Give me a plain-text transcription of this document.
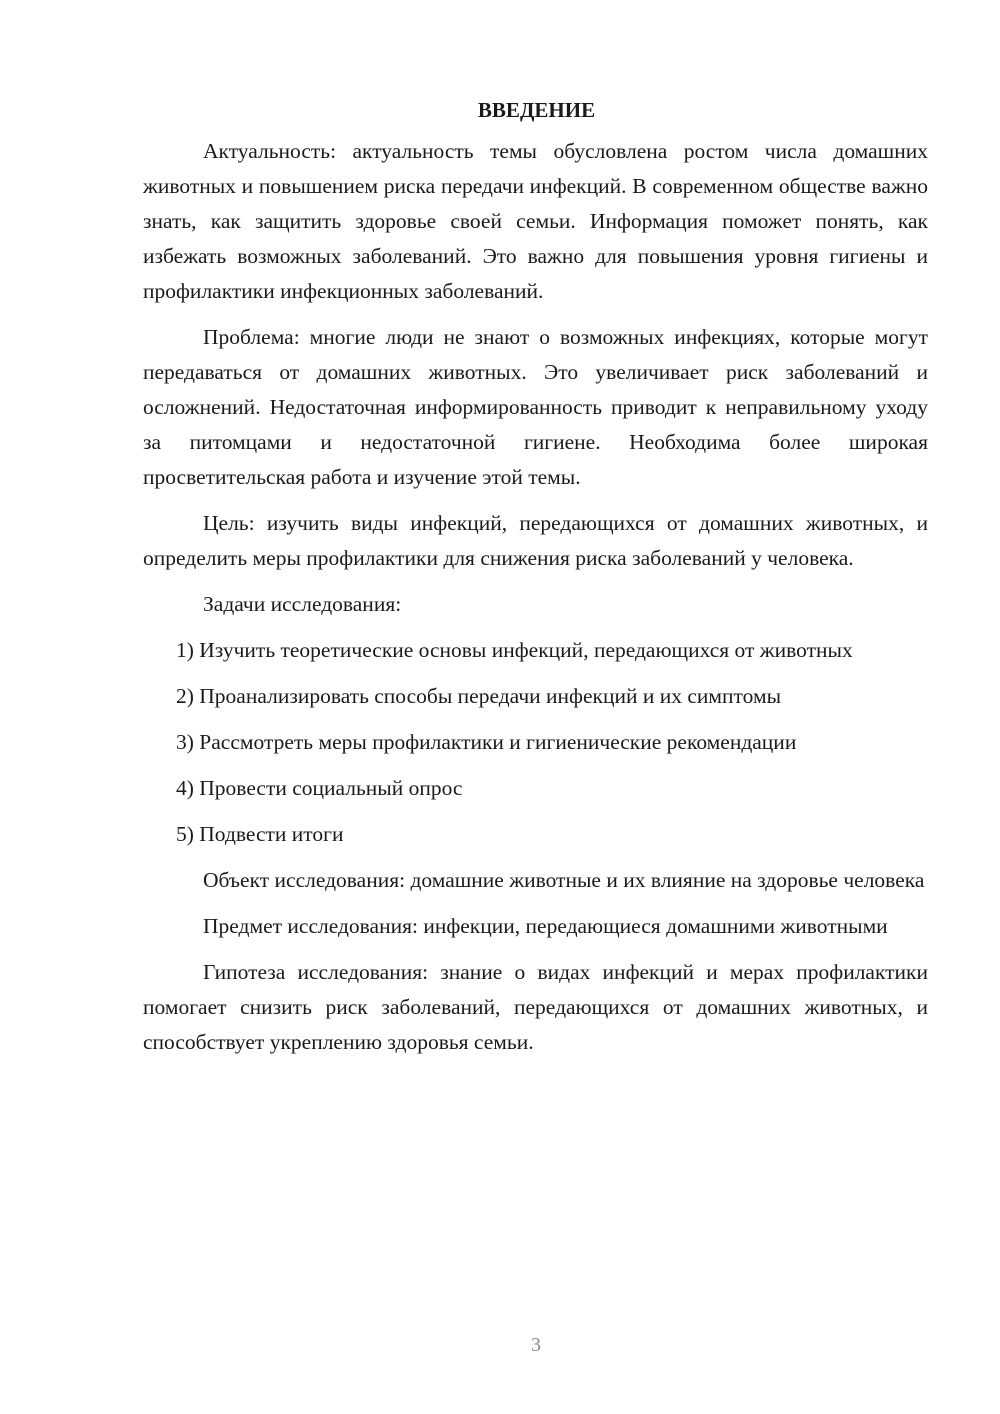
ВВЕДЕНИЕ

Актуальность: актуальность темы обусловлена ростом числа домашних животных и повышением риска передачи инфекций. В современном обществе важно знать, как защитить здоровье своей семьи. Информация поможет понять, как избежать возможных заболеваний. Это важно для повышения уровня гигиены и профилактики инфекционных заболеваний.

Проблема: многие люди не знают о возможных инфекциях, которые могут передаваться от домашних животных. Это увеличивает риск заболеваний и осложнений. Недостаточная информированность приводит к неправильному уходу за питомцами и недостаточной гигиене. Необходима более широкая просветительская работа и изучение этой темы.

Цель: изучить виды инфекций, передающихся от домашних животных, и определить меры профилактики для снижения риска заболеваний у человека.

Задачи исследования:

1) Изучить теоретические основы инфекций, передающихся от животных

2) Проанализировать способы передачи инфекций и их симптомы

3) Рассмотреть меры профилактики и гигиенические рекомендации

4) Провести социальный опрос

5) Подвести итоги

Объект исследования: домашние животные и их влияние на здоровье человека

Предмет исследования: инфекции, передающиеся домашними животными

Гипотеза исследования: знание о видах инфекций и мерах профилактики помогает снизить риск заболеваний, передающихся от домашних животных, и способствует укреплению здоровья семьи.

3
